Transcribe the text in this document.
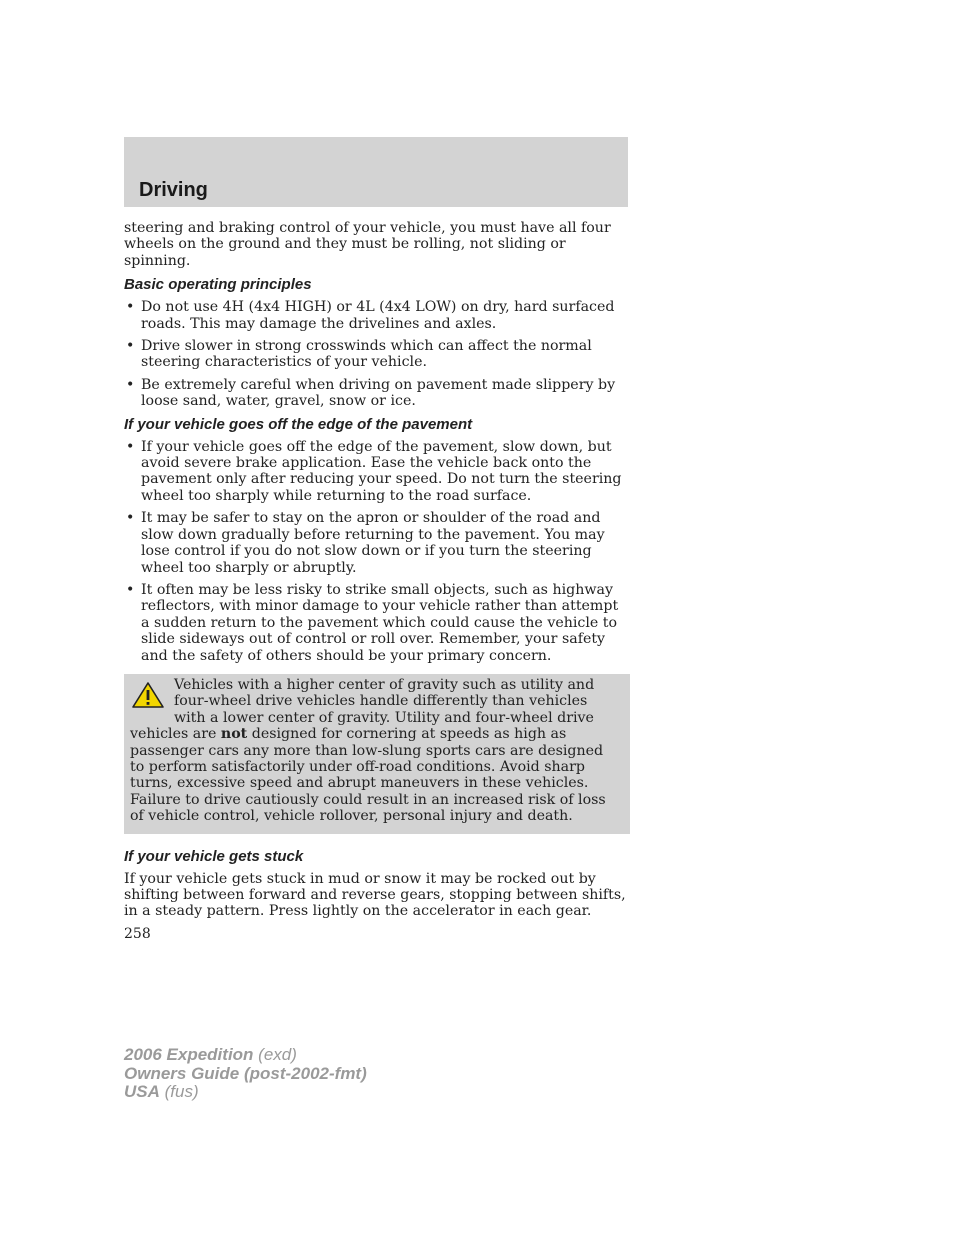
Driving

steering and braking control of your vehicle, you must have all four wheels on the ground and they must be rolling, not sliding or spinning.

Basic operating principles
• Do not use 4H (4x4 HIGH) or 4L (4x4 LOW) on dry, hard surfaced roads. This may damage the drivelines and axles.
• Drive slower in strong crosswinds which can affect the normal steering characteristics of your vehicle.
• Be extremely careful when driving on pavement made slippery by loose sand, water, gravel, snow or ice.
If your vehicle goes off the edge of the pavement
• If your vehicle goes off the edge of the pavement, slow down, but avoid severe brake application. Ease the vehicle back onto the pavement only after reducing your speed. Do not turn the steering wheel too sharply while returning to the road surface.
• It may be safer to stay on the apron or shoulder of the road and slow down gradually before returning to the pavement. You may lose control if you do not slow down or if you turn the steering wheel too sharply or abruptly.
• It often may be less risky to strike small objects, such as highway reflectors, with minor damage to your vehicle rather than attempt a sudden return to the pavement which could cause the vehicle to slide sideways out of control or roll over. Remember, your safety and the safety of others should be your primary concern.

Vehicles with a higher center of gravity such as utility and four-wheel drive vehicles handle differently than vehicles with a lower center of gravity. Utility and four-wheel drive vehicles are not designed for cornering at speeds as high as passenger cars any more than low-slung sports cars are designed to perform satisfactorily under off-road conditions. Avoid sharp turns, excessive speed and abrupt maneuvers in these vehicles. Failure to drive cautiously could result in an increased risk of loss of vehicle control, vehicle rollover, personal injury and death.

If your vehicle gets stuck

If your vehicle gets stuck in mud or snow it may be rocked out by shifting between forward and reverse gears, stopping between shifts, in a steady pattern. Press lightly on the accelerator in each gear.

258
2006 Expedition (exd)
Owners Guide (post-2002-fmt)
USA (fus)
